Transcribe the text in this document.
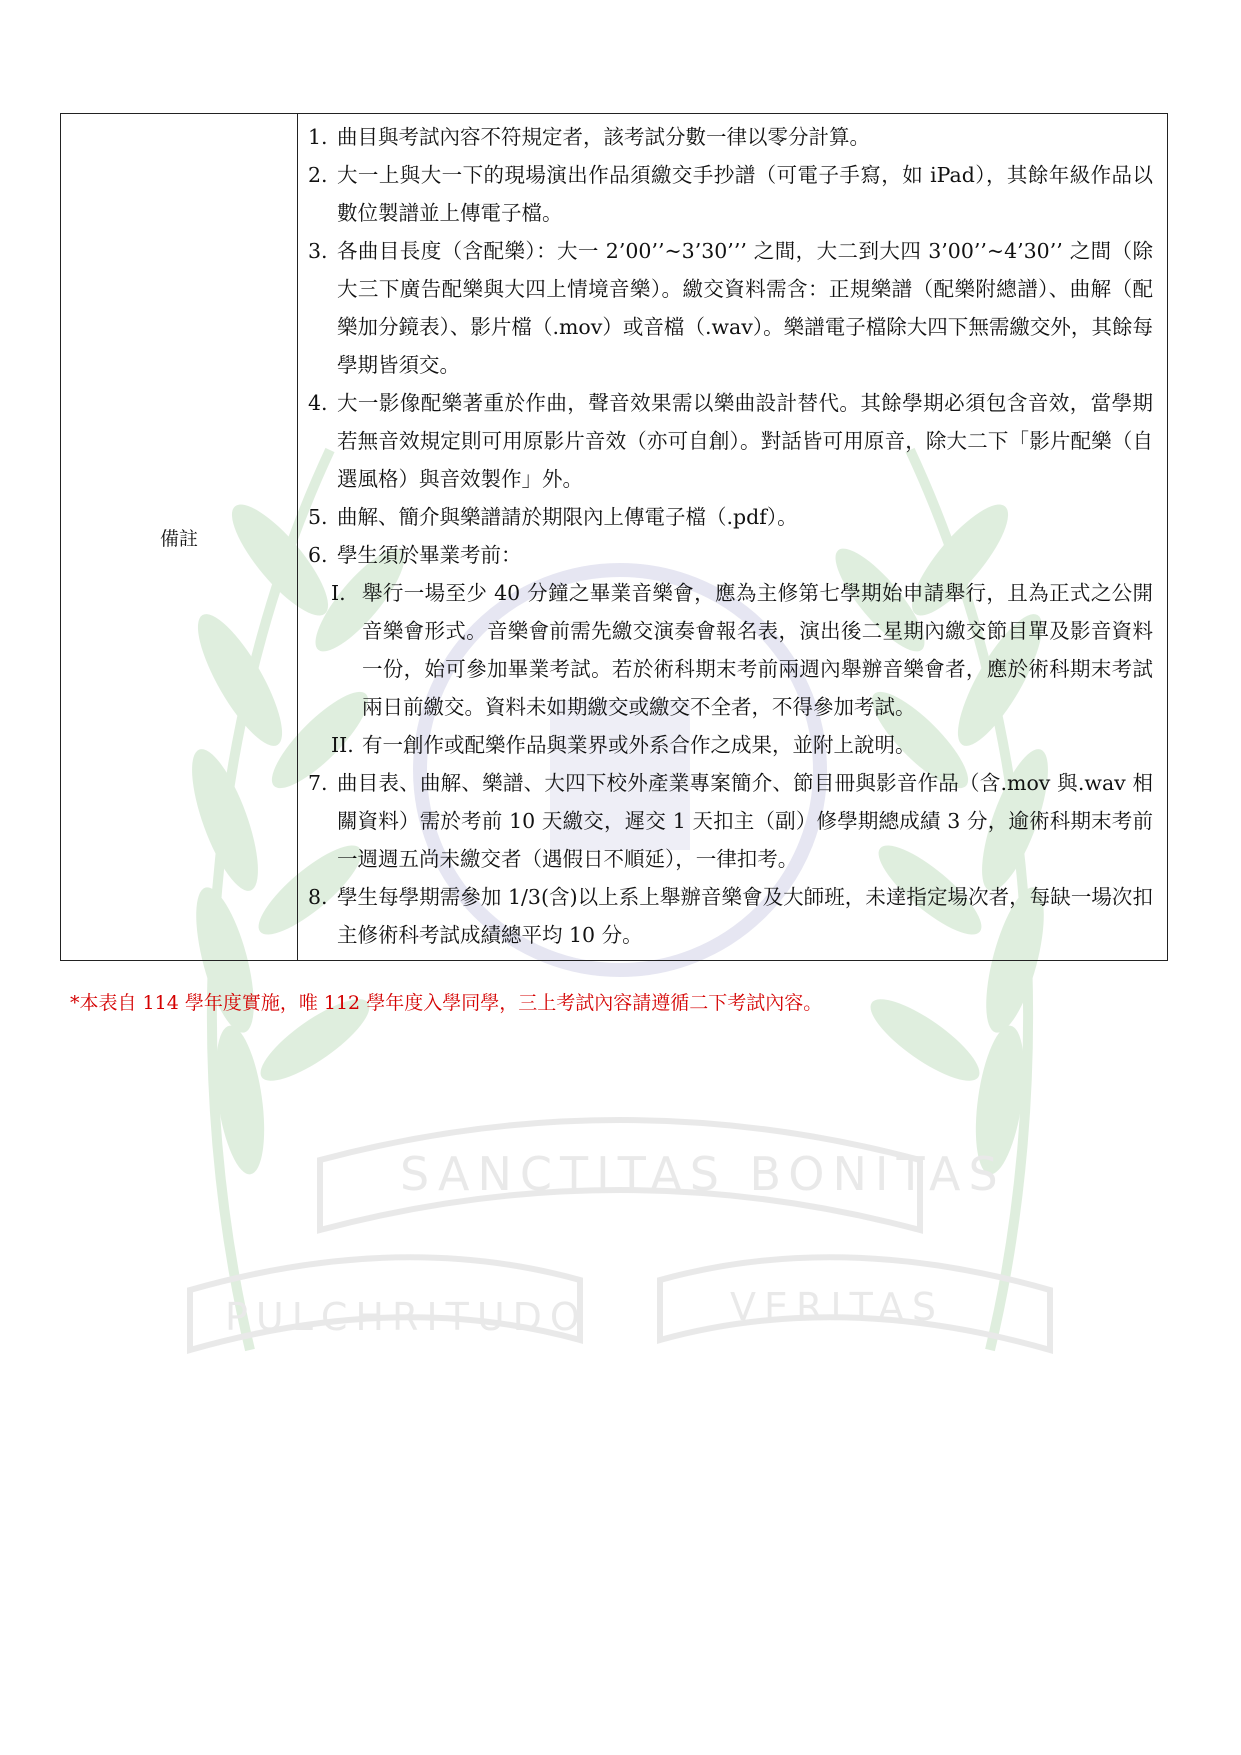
SANCTITAS BONITAS
PULCHRITUDO	VERITAS
備註
1. 曲目與考試內容不符規定者，該考試分數一律以零分計算。
2. 大一上與大一下的現場演出作品須繳交手抄譜（可電子手寫，如 iPad），其餘年級作品以數位製譜並上傳電子檔。
3. 各曲目長度（含配樂）：大一 2’00’’~3’30’’’ 之間，大二到大四 3’00’’~4’30’’ 之間（除大三下廣告配樂與大四上情境音樂）。繳交資料需含：正規樂譜（配樂附總譜）、曲解（配樂加分鏡表）、影片檔（.mov）或音檔（.wav）。樂譜電子檔除大四下無需繳交外，其餘每學期皆須交。
4. 大一影像配樂著重於作曲，聲音效果需以樂曲設計替代。其餘學期必須包含音效，當學期若無音效規定則可用原影片音效（亦可自創）。對話皆可用原音，除大二下「影片配樂（自選風格）與音效製作」外。
5. 曲解、簡介與樂譜請於期限內上傳電子檔（.pdf）。
6. 學生須於畢業考前：
I. 舉行一場至少 40 分鐘之畢業音樂會，應為主修第七學期始申請舉行，且為正式之公開音樂會形式。音樂會前需先繳交演奏會報名表，演出後二星期內繳交節目單及影音資料一份，始可參加畢業考試。若於術科期末考前兩週內舉辦音樂會者，應於術科期末考試兩日前繳交。資料未如期繳交或繳交不全者，不得參加考試。
II. 有一創作或配樂作品與業界或外系合作之成果，並附上說明。
7. 曲目表、曲解、樂譜、大四下校外產業專案簡介、節目冊與影音作品（含.mov 與.wav 相關資料）需於考前 10 天繳交，遲交 1 天扣主（副）修學期總成績 3 分，逾術科期末考前一週週五尚未繳交者（遇假日不順延），一律扣考。
8. 學生每學期需參加 1/3(含)以上系上舉辦音樂會及大師班，未達指定場次者，每缺一場次扣主修術科考試成績總平均 10 分。
*本表自 114 學年度實施，唯 112 學年度入學同學，三上考試內容請遵循二下考試內容。
